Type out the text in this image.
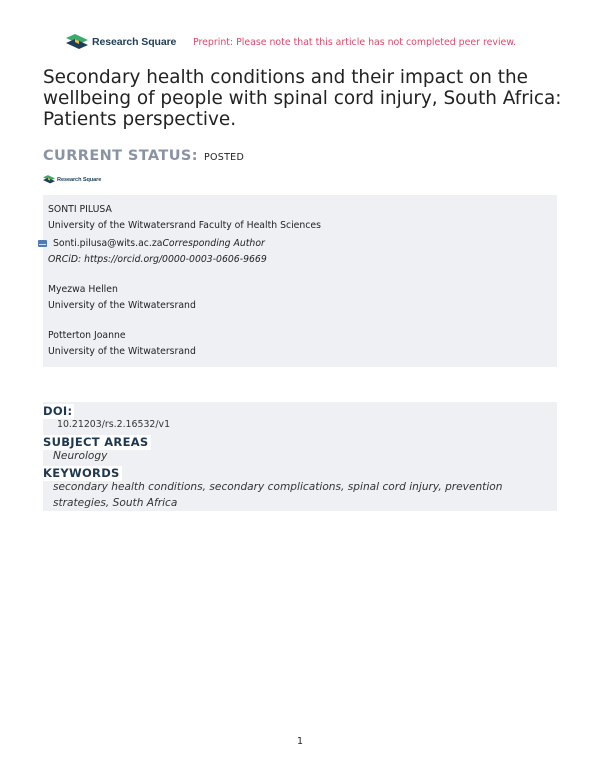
Research Square Preprint: Please note that this article has not completed peer review.
Secondary health conditions and their impact on the wellbeing of people with spinal cord injury, South Africa: Patients perspective.
CURRENT STATUS: POSTED
Research Square
SONTI PILUSA
University of the Witwatersrand Faculty of Health Sciences
Sonti.pilusa@wits.ac.za Corresponding Author
ORCiD: https://orcid.org/0000-0003-0606-9669
Myezwa Hellen
University of the Witwatersrand
Potterton Joanne
University of the Witwatersrand
DOI:
10.21203/rs.2.16532/v1
SUBJECT AREAS
Neurology
KEYWORDS
secondary health conditions, secondary complications, spinal cord injury, prevention
strategies, South Africa
1
